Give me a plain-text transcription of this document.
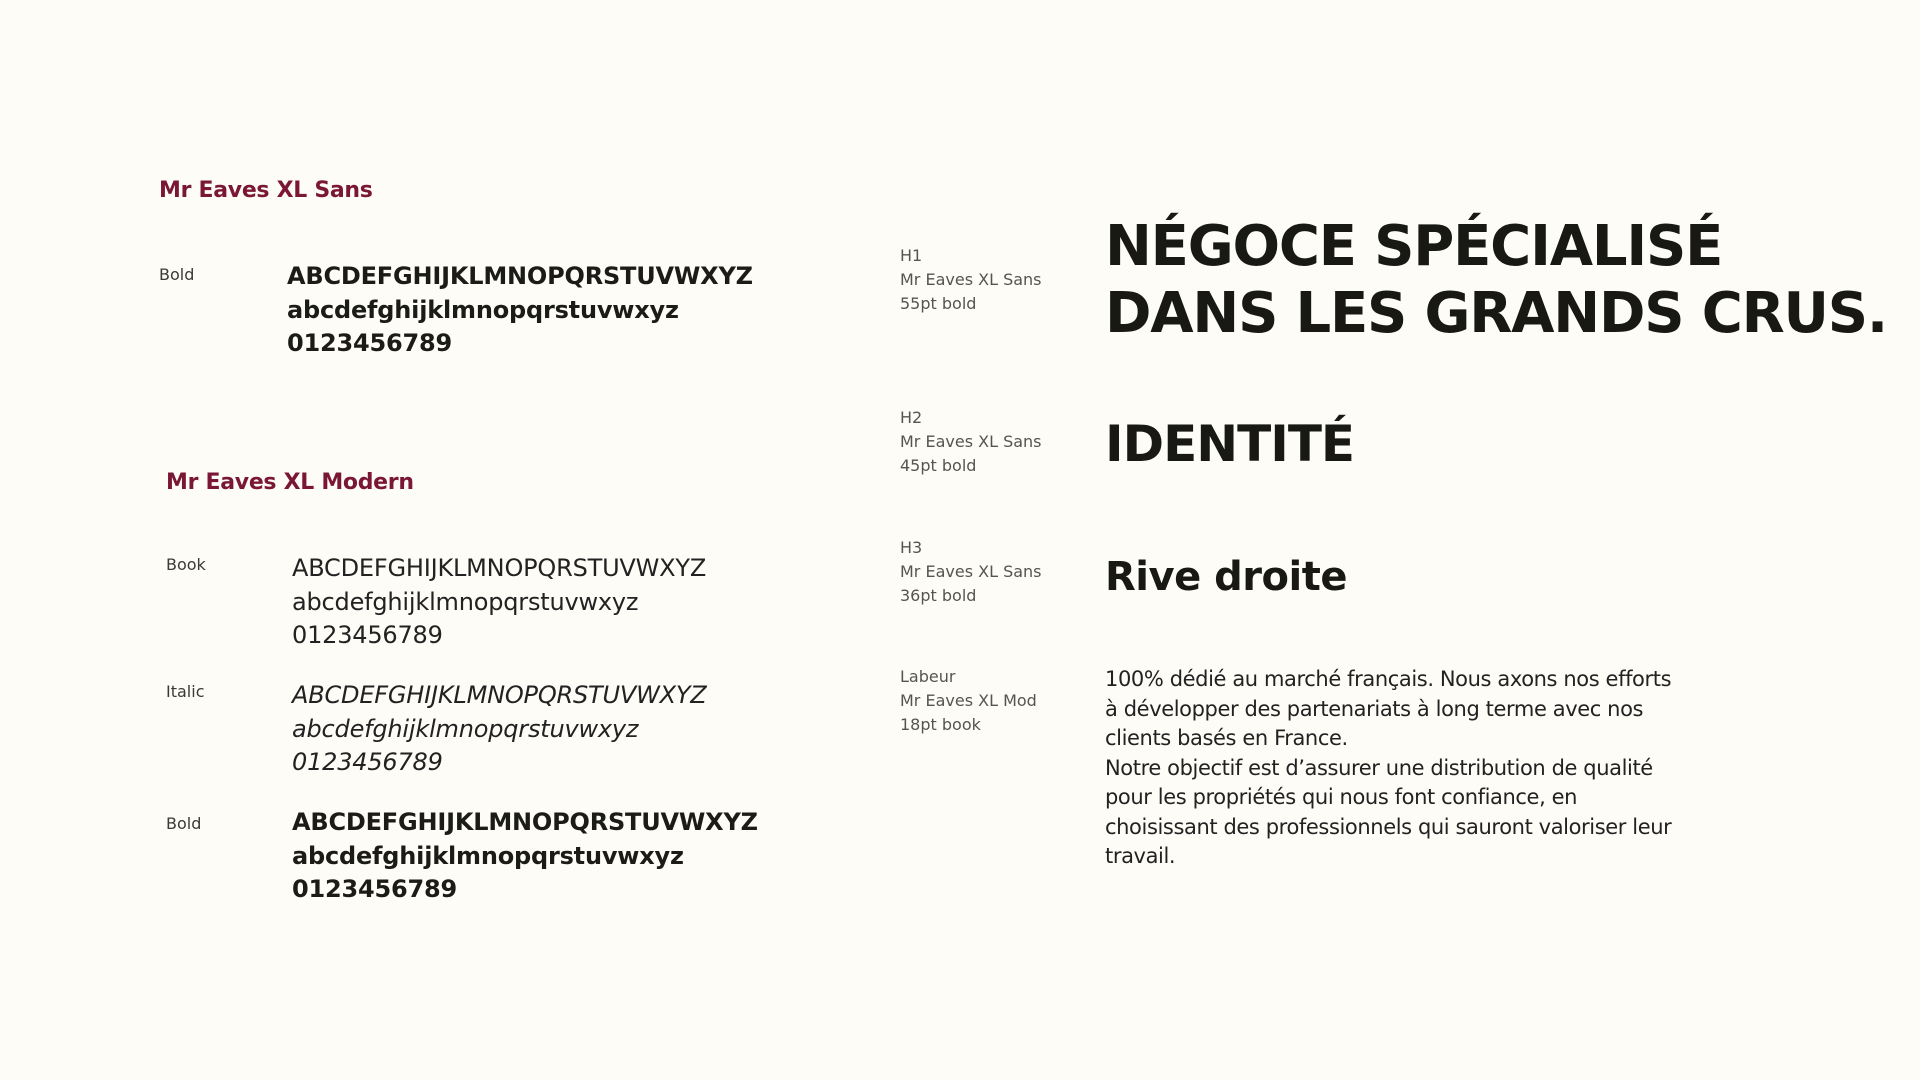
Mr Eaves XL Sans
Bold	ABCDEFGHIJKLMNOPQRSTUVWXYZ
abcdefghijklmnopqrstuvwxyz
0123456789
Mr Eaves XL Modern
Book	ABCDEFGHIJKLMNOPQRSTUVWXYZ
abcdefghijklmnopqrstuvwxyz
0123456789
Italic	ABCDEFGHIJKLMNOPQRSTUVWXYZ
abcdefghijklmnopqrstuvwxyz
0123456789
Bold	ABCDEFGHIJKLMNOPQRSTUVWXYZ
abcdefghijklmnopqrstuvwxyz
0123456789
H1
Mr Eaves XL Sans
55pt bold
NÉGOCE SPÉCIALISÉ
DANS LES GRANDS CRUS.
H2
Mr Eaves XL Sans
45pt bold	IDENTITÉ
H3
Mr Eaves XL Sans
36pt bold	Rive droite
Labeur
Mr Eaves XL Mod
18pt book

100% dédié au marché français. Nous axons nos efforts à développer des partenariats à long terme avec nos clients basés en France.

Notre objectif est d’assurer une distribution de qualité pour les propriétés qui nous font confiance, en choisissant des professionnels qui sauront valoriser leur travail.
